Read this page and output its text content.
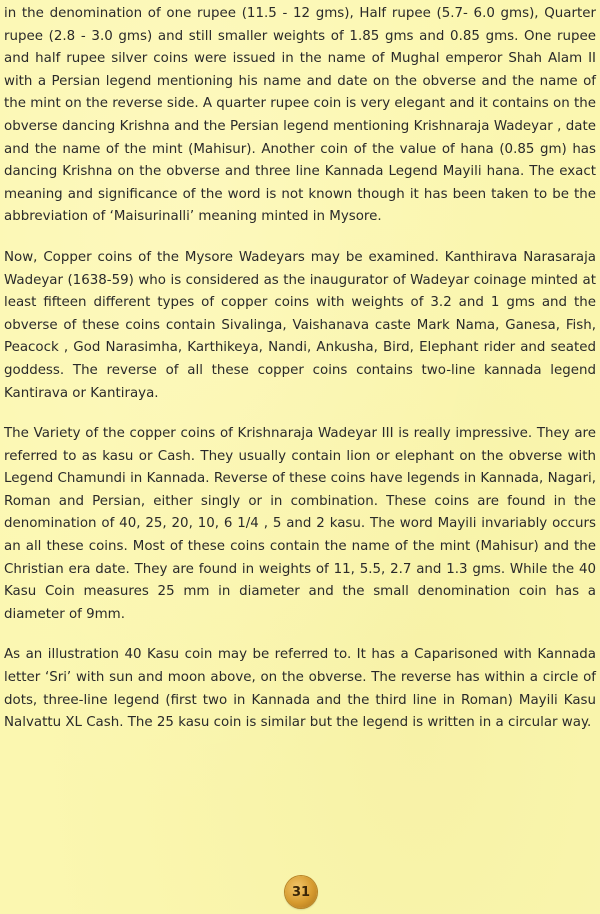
in the denomination of one rupee (11.5 - 12 gms), Half rupee (5.7- 6.0 gms), Quarter rupee (2.8 - 3.0 gms) and still smaller weights of 1.85 gms and 0.85 gms. One rupee and half rupee silver coins were issued in the name of Mughal emperor Shah Alam II with a Persian legend mentioning his name and date on the obverse and the name of the mint on the reverse side. A quarter rupee coin is very elegant and it contains on the obverse dancing Krishna and the Persian legend mentioning Krishnaraja Wadeyar , date and the name of the mint (Mahisur). Another coin of the value of hana (0.85 gm) has dancing Krishna on the obverse and three line Kannada Legend Mayili hana. The exact meaning and significance of the word is not known though it has been taken to be the abbreviation of ‘Maisurinalli’ meaning minted in Mysore.

Now, Copper coins of the Mysore Wadeyars may be examined. Kanthirava Narasaraja Wadeyar (1638-59) who is considered as the inaugurator of Wadeyar coinage minted at least fifteen different types of copper coins with weights of 3.2 and 1 gms and the obverse of these coins contain Sivalinga, Vaishanava caste Mark Nama, Ganesa, Fish, Peacock , God Narasimha, Karthikeya, Nandi, Ankusha, Bird, Elephant rider and seated goddess. The reverse of all these copper coins contains two-line kannada legend Kantirava or Kantiraya.

The Variety of the copper coins of Krishnaraja Wadeyar III is really impressive. They are referred to as kasu or Cash. They usually contain lion or elephant on the obverse with Legend Chamundi in Kannada. Reverse of these coins have legends in Kannada, Nagari, Roman and Persian, either singly or in combination. These coins are found in the denomination of 40, 25, 20, 10, 6 1/4 , 5 and 2 kasu. The word Mayili invariably occurs an all these coins. Most of these coins contain the name of the mint (Mahisur) and the Christian era date. They are found in weights of 11, 5.5, 2.7 and 1.3 gms. While the 40 Kasu Coin measures 25 mm in diameter and the small denomination coin has a diameter of 9mm.

As an illustration 40 Kasu coin may be referred to. It has a Caparisoned with Kannada letter ‘Sri’ with sun and moon above, on the obverse. The reverse has within a circle of dots, three-line legend (first two in Kannada and the third line in Roman) Mayili Kasu Nalvattu XL Cash. The 25 kasu coin is similar but the legend is written in a circular way.

31
